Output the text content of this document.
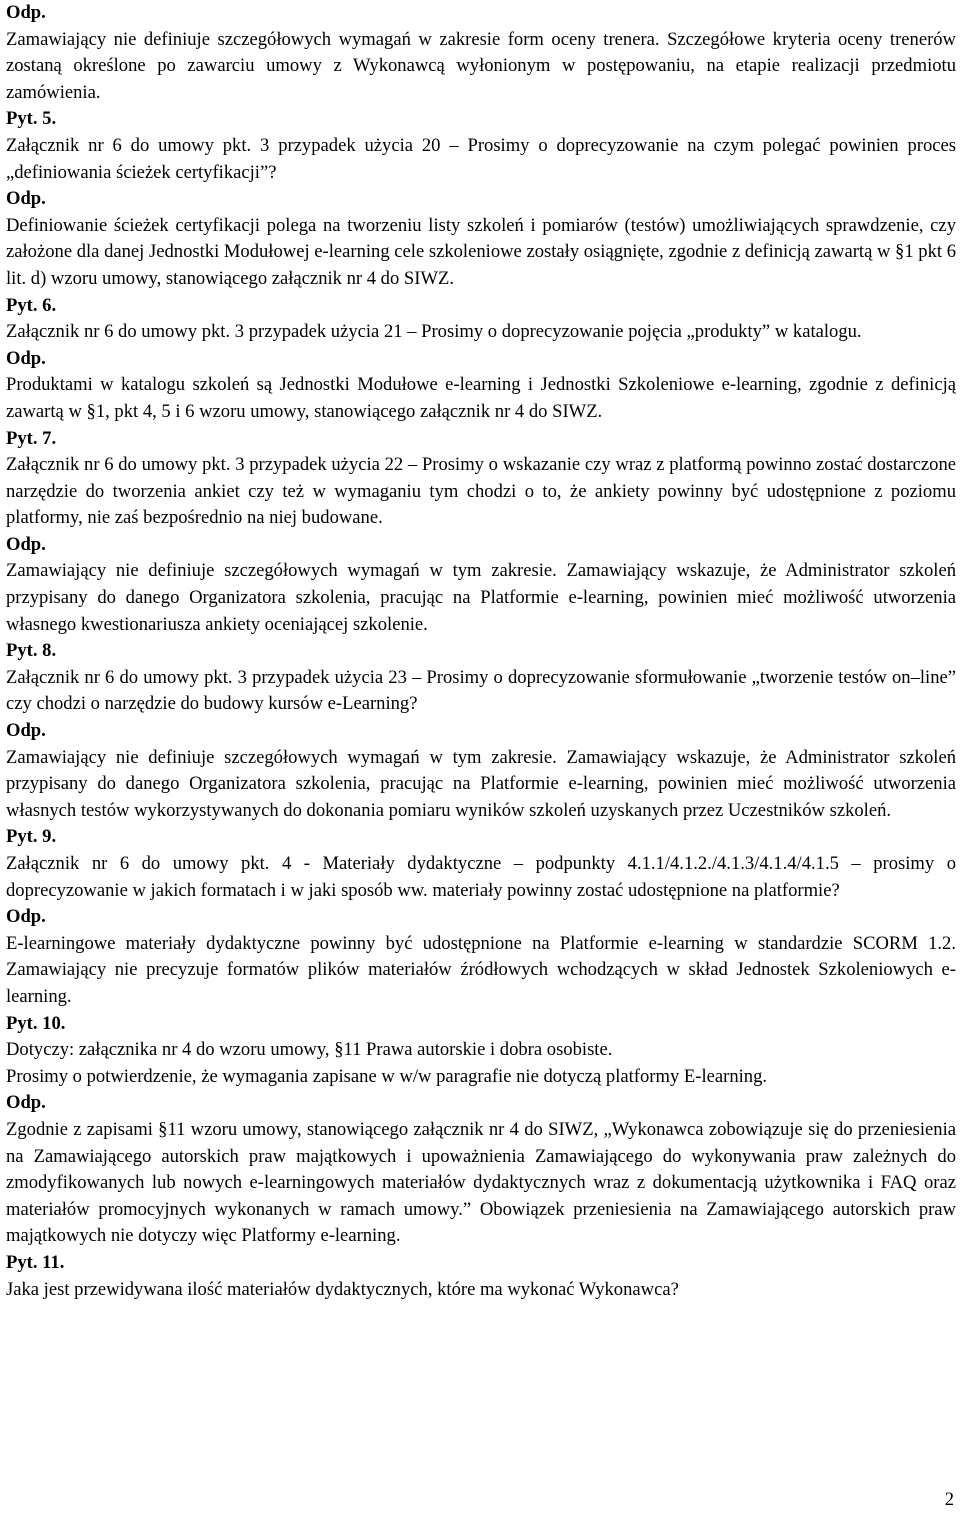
Odp.

Zamawiający nie definiuje szczegółowych wymagań w zakresie form oceny trenera. Szczegółowe kryteria oceny trenerów zostaną określone po zawarciu umowy z Wykonawcą wyłonionym w postępowaniu, na etapie realizacji przedmiotu zamówienia.

Pyt. 5.

Załącznik nr 6 do umowy pkt. 3 przypadek użycia 20 – Prosimy o doprecyzowanie na czym polegać powinien proces „definiowania ścieżek certyfikacji”?

Odp.

Definiowanie ścieżek certyfikacji polega na tworzeniu listy szkoleń i pomiarów (testów) umożliwiających sprawdzenie, czy założone dla danej Jednostki Modułowej e-learning cele szkoleniowe zostały osiągnięte, zgodnie z definicją zawartą w §1 pkt 6 lit. d) wzoru umowy, stanowiącego załącznik nr 4 do SIWZ.

Pyt. 6.

Załącznik nr 6 do umowy pkt. 3 przypadek użycia 21 – Prosimy o doprecyzowanie pojęcia „produkty” w katalogu.

Odp.

Produktami w katalogu szkoleń są Jednostki Modułowe e-learning i Jednostki Szkoleniowe e-learning, zgodnie z definicją zawartą w §1, pkt 4, 5 i 6 wzoru umowy, stanowiącego załącznik nr 4 do SIWZ.

Pyt. 7.

Załącznik nr 6 do umowy pkt. 3 przypadek użycia 22 – Prosimy o wskazanie czy wraz z platformą powinno zostać dostarczone narzędzie do tworzenia ankiet czy też w wymaganiu tym chodzi o to, że ankiety powinny być udostępnione z poziomu platformy, nie zaś bezpośrednio na niej budowane.

Odp.

Zamawiający nie definiuje szczegółowych wymagań w tym zakresie. Zamawiający wskazuje, że Administrator szkoleń przypisany do danego Organizatora szkolenia, pracując na Platformie e-learning, powinien mieć możliwość utworzenia własnego kwestionariusza ankiety oceniającej szkolenie.

Pyt. 8.

Załącznik nr 6 do umowy pkt. 3 przypadek użycia 23 – Prosimy o doprecyzowanie sformułowanie „tworzenie testów on–line” czy chodzi o narzędzie do budowy kursów e-Learning?

Odp.

Zamawiający nie definiuje szczegółowych wymagań w tym zakresie. Zamawiający wskazuje, że Administrator szkoleń przypisany do danego Organizatora szkolenia, pracując na Platformie e-learning, powinien mieć możliwość utworzenia własnych testów wykorzystywanych do dokonania pomiaru wyników szkoleń uzyskanych przez Uczestników szkoleń.

Pyt. 9.

Załącznik nr 6 do umowy pkt. 4 - Materiały dydaktyczne – podpunkty 4.1.1/4.1.2./4.1.3/4.1.4/4.1.5 – prosimy o doprecyzowanie w jakich formatach i w jaki sposób ww. materiały powinny zostać udostępnione na platformie?

Odp.

E-learningowe materiały dydaktyczne powinny być udostępnione na Platformie e-learning w standardzie SCORM 1.2. Zamawiający nie precyzuje formatów plików materiałów źródłowych wchodzących w skład Jednostek Szkoleniowych e-learning.

Pyt. 10.

Dotyczy: załącznika nr 4 do wzoru umowy, §11 Prawa autorskie i dobra osobiste.

Prosimy o potwierdzenie, że wymagania zapisane w w/w paragrafie nie dotyczą platformy E-learning.

Odp.

Zgodnie z zapisami §11 wzoru umowy, stanowiącego załącznik nr 4 do SIWZ, „Wykonawca zobowiązuje się do przeniesienia na Zamawiającego autorskich praw majątkowych i upoważnienia Zamawiającego do wykonywania praw zależnych do zmodyfikowanych lub nowych e-learningowych materiałów dydaktycznych wraz z dokumentacją użytkownika i FAQ oraz materiałów promocyjnych wykonanych w ramach umowy.” Obowiązek przeniesienia na Zamawiającego autorskich praw majątkowych nie dotyczy więc Platformy e-learning.

Pyt. 11.

Jaka jest przewidywana ilość materiałów dydaktycznych, które ma wykonać Wykonawca?

2
